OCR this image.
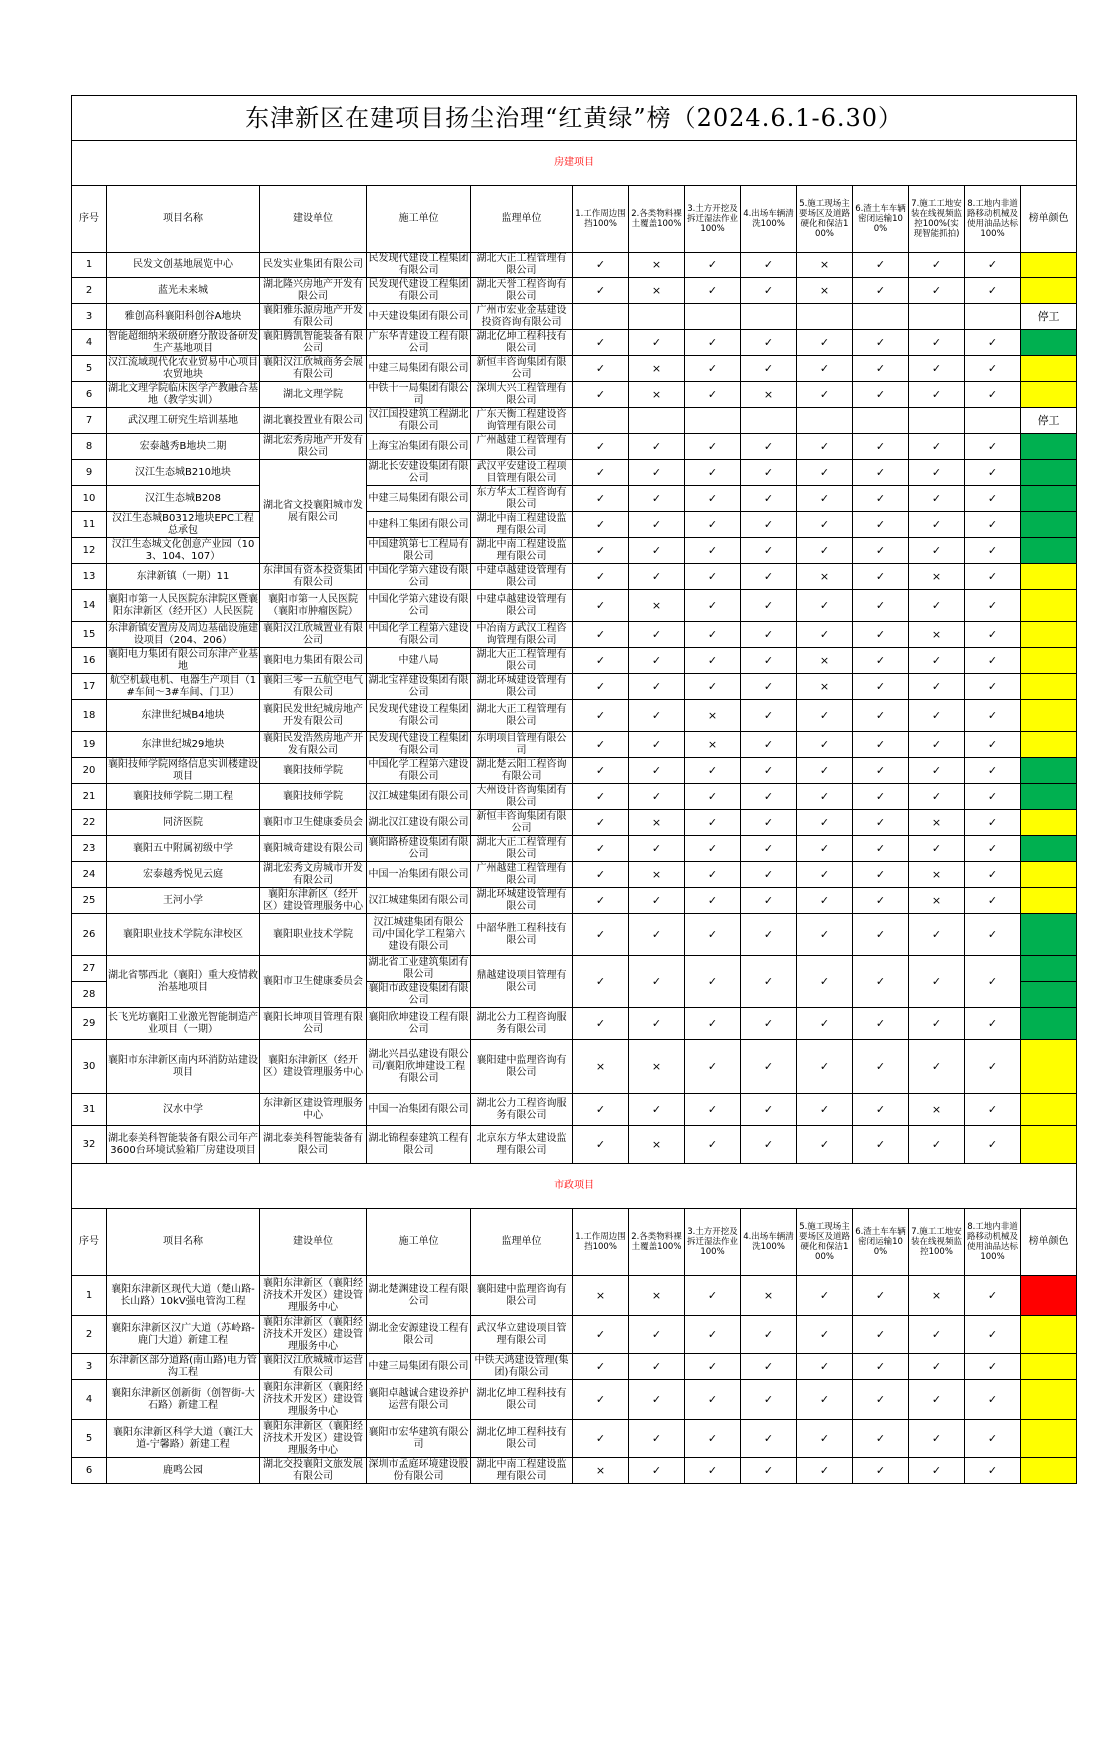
东津新区在建项目扬尘治理“红黄绿”榜（2024.6.1-6.30）													
房建项目													
序号	项目名称	建设单位	施工单位	监理单位	1.工作周边围挡100%	2.各类物料裸土覆盖100%	3.土方开挖及拆迁湿法作业100%	4.出场车辆清洗100%	5.施工现场主要场区及道路硬化和保洁100%	6.渣土车车辆密闭运输100%	7.施工工地安装在线视频监控100%(实现智能抓拍)	8.工地内非道路移动机械及使用油品达标100%	榜单颜色
1	民发文创基地展览中心	民发实业集团有限公司	民发现代建设工程集团有限公司	湖北大正工程管理有限公司	✓	×	✓	✓	×	✓	✓	✓	
2	蓝光未来城	湖北隆兴房地产开发有限公司	民发现代建设工程集团有限公司	湖北天誉工程咨询有限公司	✓	×	✓	✓	×	✓	✓	✓	
3	雅创高科襄阳科创谷A地块	襄阳雅乐源房地产开发有限公司	中天建设集团有限公司	广州市宏业金基建设投资咨询有限公司									停工
4	智能超细纳米级研磨分散设备研发生产基地项目	襄阳腾凯智能装备有限公司	广东华青建设工程有限公司	湖北亿坤工程科技有限公司	✓	✓	✓	✓	✓	✓	✓	✓	
5	汉江流域现代化农业贸易中心项目农贸地块	襄阳汉江欣城商务会展有限公司	中建三局集团有限公司	新恒丰咨询集团有限公司	✓	×	✓	✓	✓	✓	✓	✓	
6	湖北文理学院临床医学产教融合基地（教学实训）	湖北文理学院	中铁十一局集团有限公司	深圳大兴工程管理有限公司	✓	×	✓	×	✓	✓	✓	✓	
7	武汉理工研究生培训基地	湖北襄投置业有限公司	汉江国投建筑工程湖北有限公司	广东天衡工程建设咨询管理有限公司									停工
8	宏泰越秀B地块二期	湖北宏秀房地产开发有限公司	上海宝冶集团有限公司	广州越建工程管理有限公司	✓	✓	✓	✓	✓	✓	✓	✓	
9	汉江生态城B210地块	湖北省文投襄阳城市发展有限公司	湖北长安建设集团有限公司	武汉平安建设工程项目管理有限公司	✓	✓	✓	✓	✓	✓	✓	✓	
10	汉江生态城B208		中建三局集团有限公司	东方华太工程咨询有限公司	✓	✓	✓	✓	✓	✓	✓	✓	
11	汉江生态城B0312地块EPC工程总承包		中建科工集团有限公司	湖北中南工程建设监理有限公司	✓	✓	✓	✓	✓	✓	✓	✓	
12	汉江生态城文化创意产业园（103、104、107）		中国建筑第七工程局有限公司	湖北中南工程建设监理有限公司	✓	✓	✓	✓	✓	✓	✓	✓	
13	东津新镇（一期）11	东津国有资本投资集团有限公司	中国化学第六建设有限公司	中建卓越建设管理有限公司	✓	✓	✓	✓	×	✓	×	✓	
14	襄阳市第一人民医院东津院区暨襄阳东津新区（经开区）人民医院	襄阳市第一人民医院（襄阳市肿瘤医院）	中国化学第六建设有限公司	中建卓越建设管理有限公司	✓	×	✓	✓	✓	✓	✓	✓	
15	东津新镇安置房及周边基础设施建设项目（204、206）	襄阳汉江欣城置业有限公司	中国化学工程第六建设有限公司	中冶南方武汉工程咨询管理有限公司	✓	✓	✓	✓	✓	✓	×	✓	
16	襄阳电力集团有限公司东津产业基地	襄阳电力集团有限公司	中建八局	湖北大正工程管理有限公司	✓	✓	✓	✓	×	✓	✓	✓	
17	航空机载电机、电器生产项目（1#车间～3#车间、门卫）	襄阳三零一五航空电气有限公司	湖北宝祥建设集团有限公司	湖北环城建设管理有限公司	✓	✓	✓	✓	×	✓	✓	✓	
18	东津世纪城B4地块	襄阳民发世纪城房地产开发有限公司	民发现代建设工程集团有限公司	湖北大正工程管理有限公司	✓	✓	×	✓	✓	✓	✓	✓	
19	东津世纪城29地块	襄阳民发浩然房地产开发有限公司	民发现代建设工程集团有限公司	东明项目管理有限公司	✓	✓	×	✓	✓	✓	✓	✓	
20	襄阳技师学院网络信息实训楼建设项目	襄阳技师学院	中国化学工程第六建设有限公司	湖北楚云阳工程咨询有限公司	✓	✓	✓	✓	✓	✓	✓	✓	
21	襄阳技师学院二期工程	襄阳技师学院	汉江城建集团有限公司	大州设计咨询集团有限公司	✓	✓	✓	✓	✓	✓	✓	✓	
22	同济医院	襄阳市卫生健康委员会	湖北汉江建设有限公司	新恒丰咨询集团有限公司	✓	×	✓	✓	✓	✓	×	✓	
23	襄阳五中附属初级中学	襄阳城奇建设有限公司	襄阳路桥建设集团有限公司	湖北大正工程管理有限公司	✓	✓	✓	✓	✓	✓	✓	✓	
24	宏泰越秀悦见云庭	湖北宏秀文房城市开发有限公司	中国一冶集团有限公司	广州越建工程管理有限公司	✓	×	✓	✓	✓	✓	×	✓	
25	王河小学	襄阳东津新区（经开区）建设管理服务中心	汉江城建集团有限公司	湖北环城建设管理有限公司	✓	✓	✓	✓	✓	✓	×	✓	
26	襄阳职业技术学院东津校区	襄阳职业技术学院	汉江城建集团有限公司/中国化学工程第六建设有限公司	中韶华胜工程科技有限公司	✓	✓	✓	✓	✓	✓	✓	✓	
27	湖北省鄂西北（襄阳）重大疫情救治基地项目	襄阳市卫生健康委员会	湖北省工业建筑集团有限公司	鼎越建设项目管理有限公司	✓	✓	✓	✓	✓	✓	✓	✓	
28			襄阳市政建设集团有限公司										
29	长飞光坊襄阳工业激光智能制造产业项目（一期）	襄阳长坤项目管理有限公司	襄阳欣坤建设工程有限公司	湖北公力工程咨询服务有限公司	✓	✓	✓	✓	✓	✓	✓	✓	
30	襄阳市东津新区南内环消防站建设项目	襄阳东津新区（经开区）建设管理服务中心	湖北兴昌弘建设有限公司/襄阳欣坤建设工程有限公司	襄阳建中监理咨询有限公司	×	×	✓	✓	✓	✓	✓	✓	
31	汉水中学	东津新区建设管理服务中心	中国一冶集团有限公司	湖北公力工程咨询服务有限公司	✓	✓	✓	✓	✓	✓	×	✓	
32	湖北泰美科智能装备有限公司年产3600台环境试验箱厂房建设项目	湖北泰美科智能装备有限公司	湖北锦程泰建筑工程有限公司	北京东方华太建设监理有限公司	✓	×	✓	✓	✓	✓	✓	✓	
市政项目													
序号	项目名称	建设单位	施工单位	监理单位	1.工作周边围挡100%	2.各类物料裸土覆盖100%	3.土方开挖及拆迁湿法作业100%	4.出场车辆清洗100%	5.施工现场主要场区及道路硬化和保洁100%	6.渣土车车辆密闭运输100%	7.施工工地安装在线视频监控100%	8.工地内非道路移动机械及使用油品达标100%	榜单颜色
1	襄阳东津新区现代大道（楚山路-长山路）10kV强电管沟工程	襄阳东津新区（襄阳经济技术开发区）建设管理服务中心	湖北楚渊建设工程有限公司	襄阳建中监理咨询有限公司	×	×	✓	×	✓	✓	×	✓	
2	襄阳东津新区汉广大道（苏岭路-鹿门大道）新建工程	襄阳东津新区（襄阳经济技术开发区）建设管理服务中心	湖北金安源建设工程有限公司	武汉华立建设项目管理有限公司	✓	✓	✓	✓	✓	✓	✓	✓	
3	东津新区部分道路(南山路)电力管沟工程	襄阳汉江欣城城市运营有限公司	中建三局集团有限公司	中铁天鸿建设管理(集团)有限公司	✓	✓	✓	✓	✓	✓	✓	✓	
4	襄阳东津新区创新街（创智街-大石路）新建工程	襄阳东津新区（襄阳经济技术开发区）建设管理服务中心	襄阳卓越诚合建设养护运营有限公司	湖北亿坤工程科技有限公司	✓	✓	✓	✓	✓	✓	✓	✓	
5	襄阳东津新区科学大道（襄江大道-宁馨路）新建工程	襄阳东津新区（襄阳经济技术开发区）建设管理服务中心	襄阳市宏华建筑有限公司	湖北亿坤工程科技有限公司	✓	✓	✓	✓	✓	✓	✓	✓	
6	鹿鸣公园	湖北交投襄阳文旅发展有限公司	深圳市孟庭环境建设股份有限公司	湖北中南工程建设监理有限公司	×	✓	✓	✓	✓	✓	✓	✓	
